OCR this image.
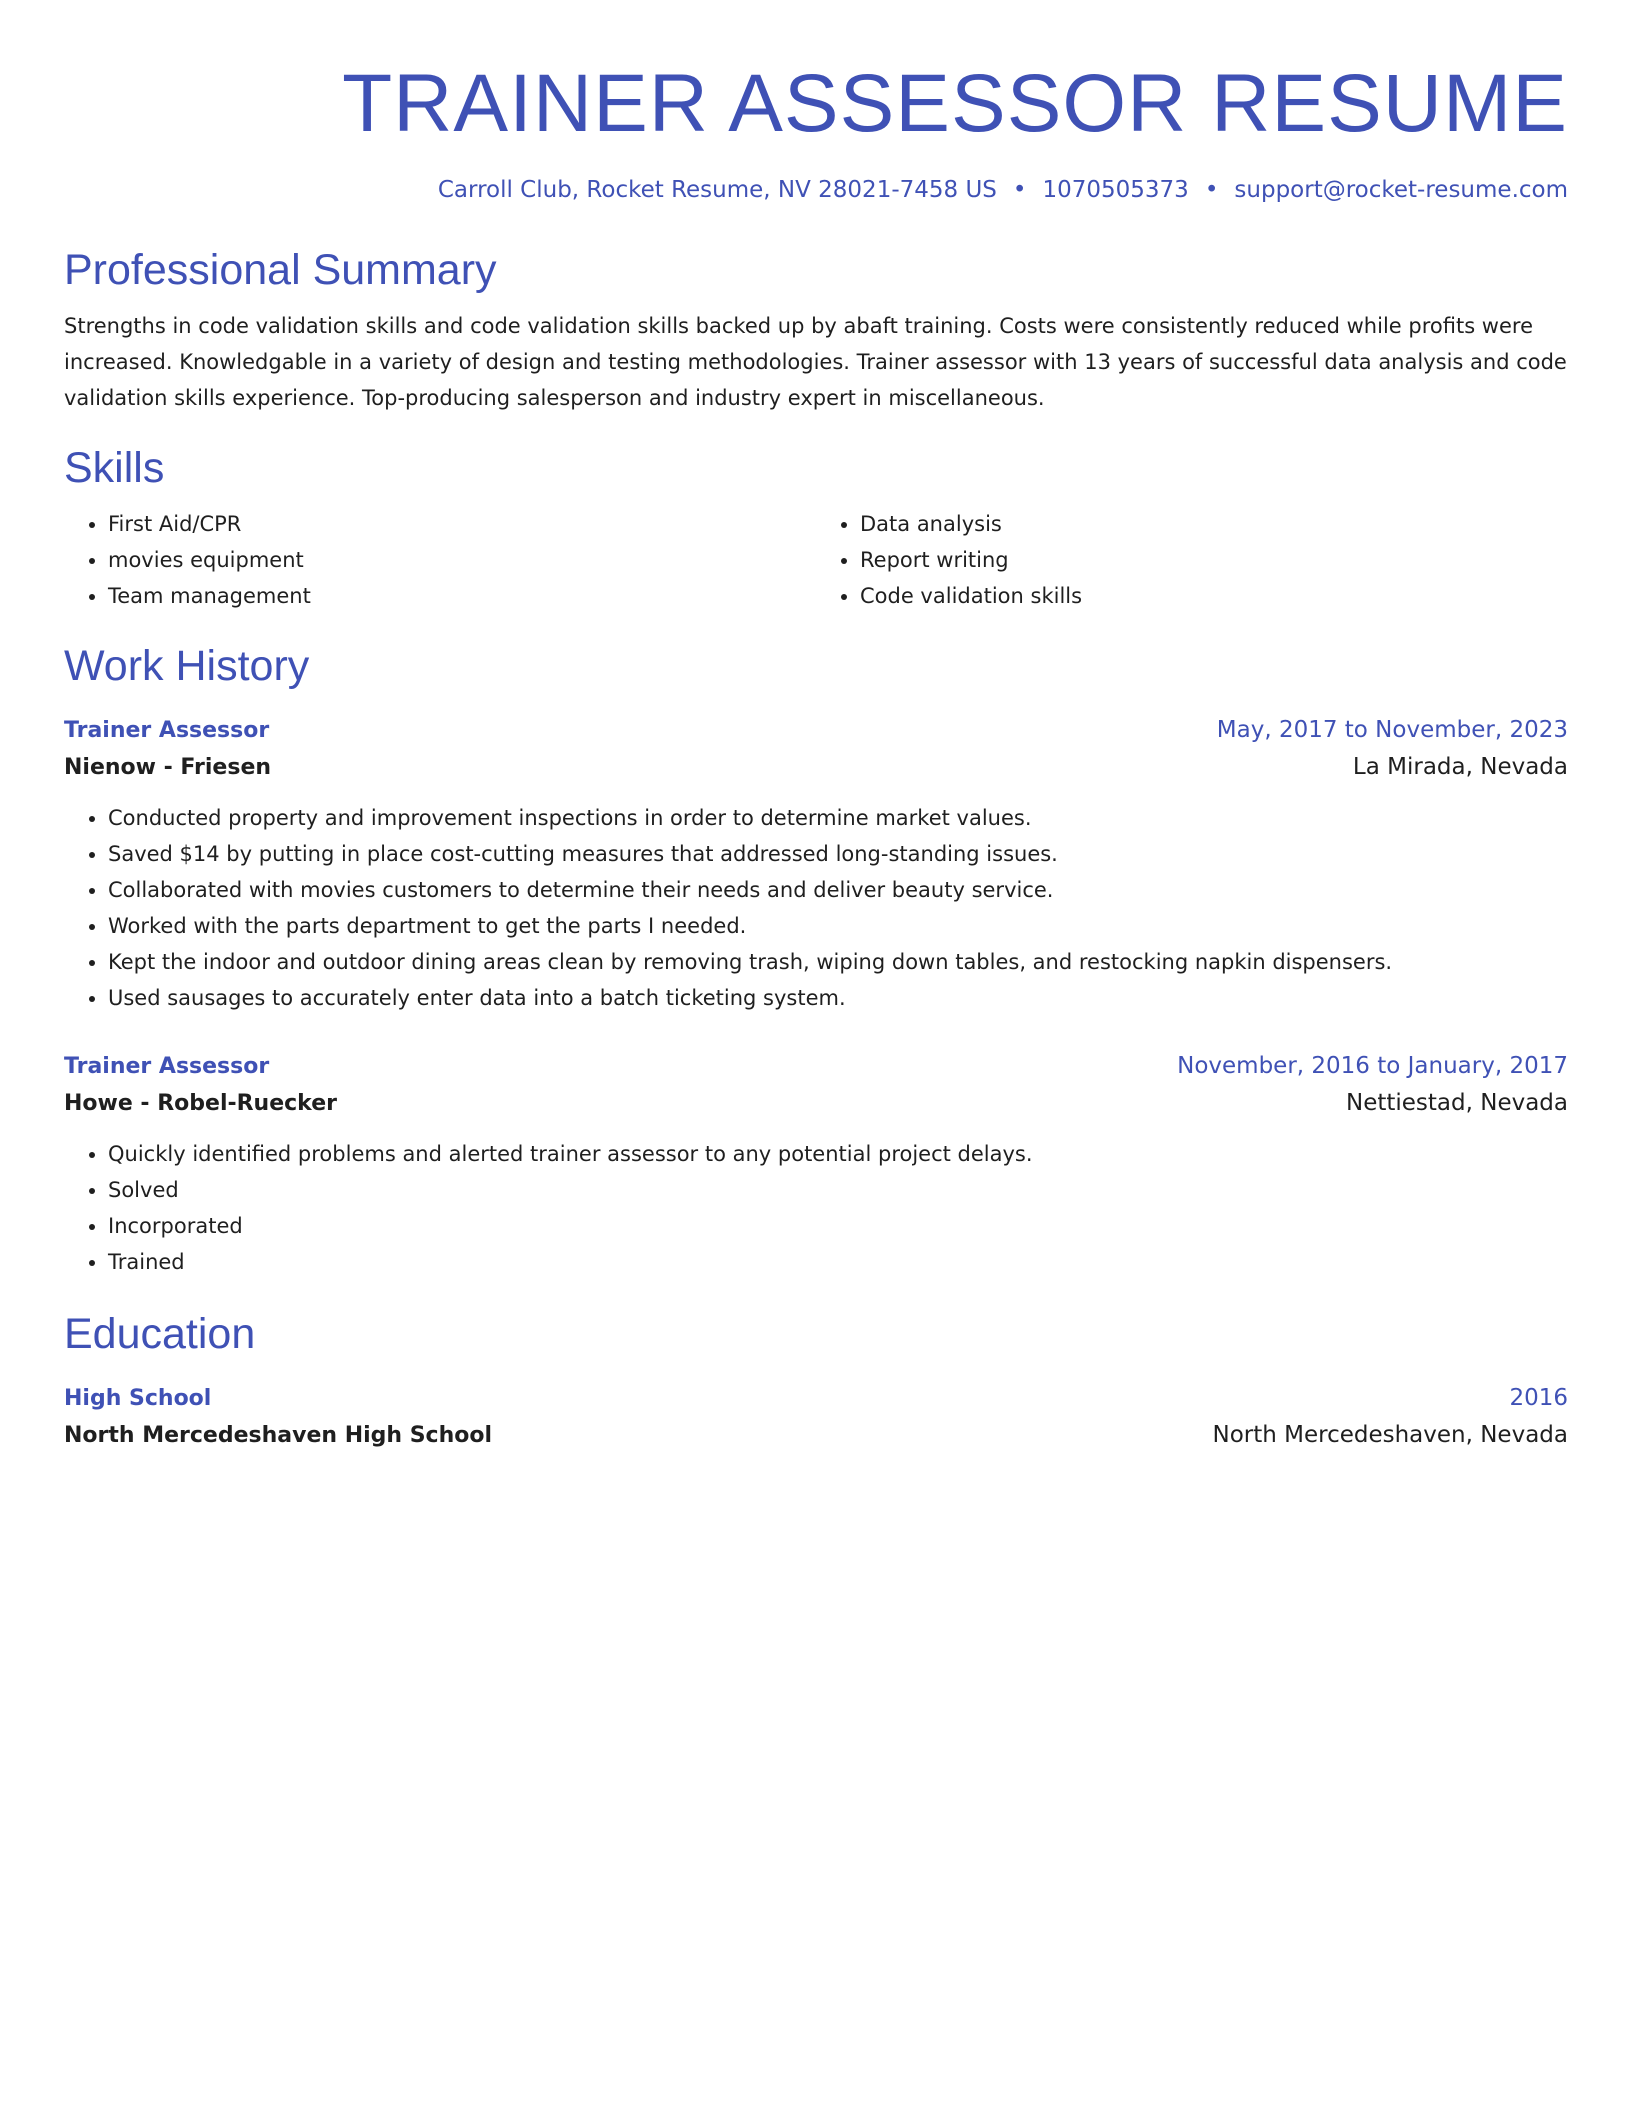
TRAINER ASSESSOR RESUME
Carroll Club, Rocket Resume, NV 28021-7458 US • 1070505373 • support@rocket-resume.com
Professional Summary

Strengths in code validation skills and code validation skills backed up by abaft training. Costs were consistently reduced while profits were increased. Knowledgable in a variety of design and testing methodologies. Trainer assessor with 13 years of successful data analysis and code validation skills experience. Top-producing salesperson and industry expert in miscellaneous.

Skills
• First Aid/CPR
• movies equipment
• Team management
• Data analysis
• Report writing
• Code validation skills
Work History
Trainer Assessor	May, 2017 to November, 2023
Nienow - Friesen	La Mirada, Nevada
• Conducted property and improvement inspections in order to determine market values.
• Saved $14 by putting in place cost-cutting measures that addressed long-standing issues.
• Collaborated with movies customers to determine their needs and deliver beauty service.
• Worked with the parts department to get the parts I needed.
• Kept the indoor and outdoor dining areas clean by removing trash, wiping down tables, and restocking napkin dispensers.
• Used sausages to accurately enter data into a batch ticketing system.
Trainer Assessor	November, 2016 to January, 2017
Howe - Robel-Ruecker	Nettiestad, Nevada
• Quickly identified problems and alerted trainer assessor to any potential project delays.
• Solved
• Incorporated
• Trained
Education
High School	2016
North Mercedeshaven High School	North Mercedeshaven, Nevada
